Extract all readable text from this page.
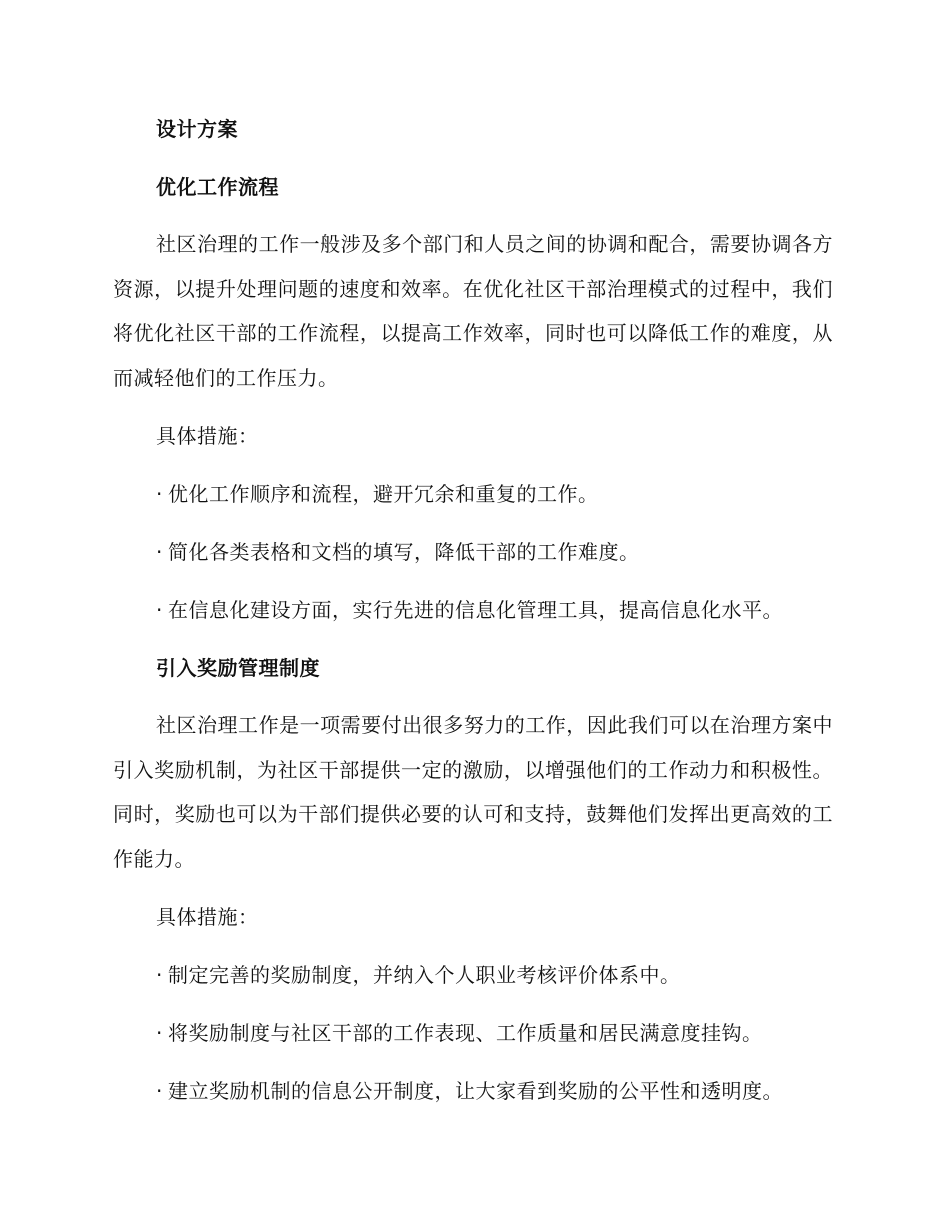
设计方案
优化工作流程
社区治理的工作一般涉及多个部门和人员之间的协调和配合，需要协调各方资源，以提升处理问题的速度和效率。在优化社区干部治理模式的过程中，我们将优化社区干部的工作流程，以提高工作效率，同时也可以降低工作的难度，从而减轻他们的工作压力。
具体措施：
· 优化工作顺序和流程，避开冗余和重复的工作。
· 简化各类表格和文档的填写，降低干部的工作难度。
· 在信息化建设方面，实行先进的信息化管理工具，提高信息化水平。
引入奖励管理制度
社区治理工作是一项需要付出很多努力的工作，因此我们可以在治理方案中引入奖励机制，为社区干部提供一定的激励，以增强他们的工作动力和积极性。同时，奖励也可以为干部们提供必要的认可和支持，鼓舞他们发挥出更高效的工作能力。
具体措施：
· 制定完善的奖励制度，并纳入个人职业考核评价体系中。
· 将奖励制度与社区干部的工作表现、工作质量和居民满意度挂钩。
· 建立奖励机制的信息公开制度，让大家看到奖励的公平性和透明度。
